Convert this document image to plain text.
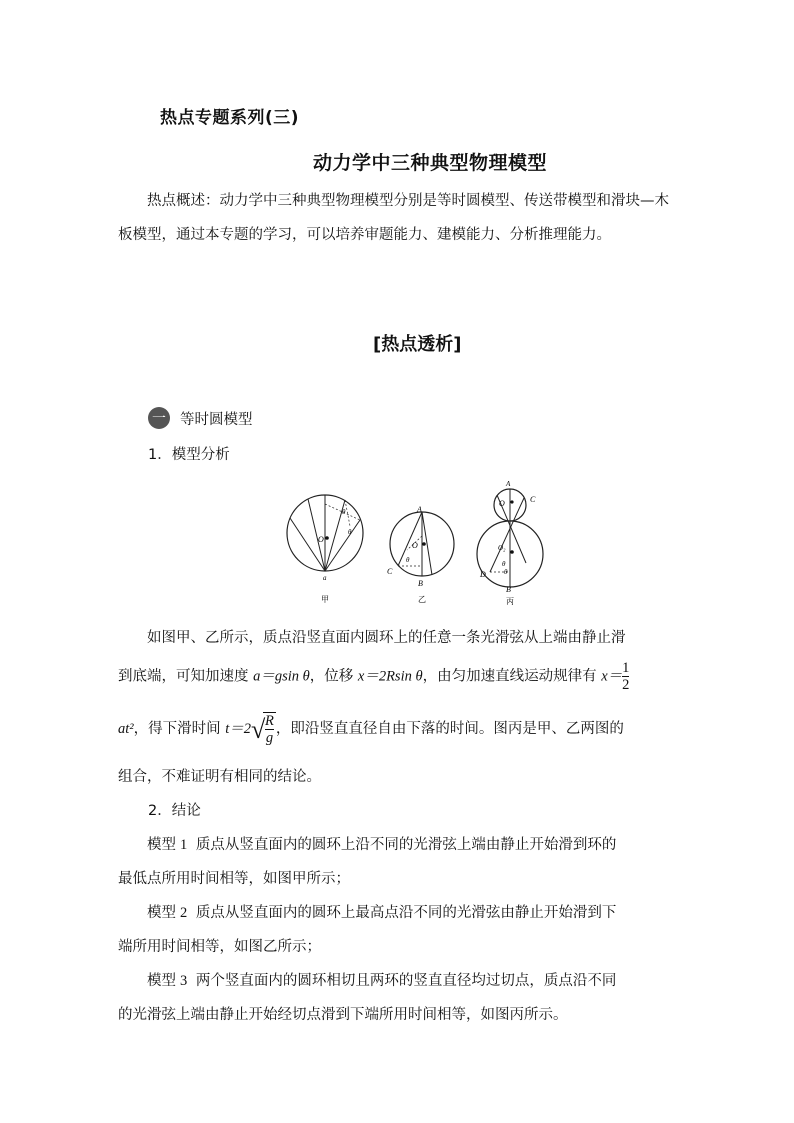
热点专题系列(三)
动力学中三种典型物理模型
热点概述：动力学中三种典型物理模型分别是等时圆模型、传送带模型和滑块—木板模型，通过本专题的学习，可以培养审题能力、建模能力、分析推理能力。
[热点透析]
一 等时圆模型
1．模型分析
O
θ
θ
a
甲
A
O
θ
C
B
乙
A
O	C
O₂
θ
θ
D
B
丙
如图甲、乙所示，质点沿竖直面内圆环上的任意一条光滑弦从上端由静止滑
到底端，可知加速度 a＝gsin θ，位移 x＝2Rsin θ，由匀加速直线运动规律有 $x= \frac{1}{2}$
at²，得下滑时间 t＝2 √
$\frac{R}{g}$ ，即沿竖直直径自由下落的时间。图丙是甲、乙两图的
组合，不难证明有相同的结论。
2．结论
模型 1 质点从竖直面内的圆环上沿不同的光滑弦上端由静止开始滑到环的
最低点所用时间相等，如图甲所示；
模型 2 质点从竖直面内的圆环上最高点沿不同的光滑弦由静止开始滑到下
端所用时间相等，如图乙所示；
模型 3 两个竖直面内的圆环相切且两环的竖直直径均过切点，质点沿不同
的光滑弦上端由静止开始经切点滑到下端所用时间相等，如图丙所示。
